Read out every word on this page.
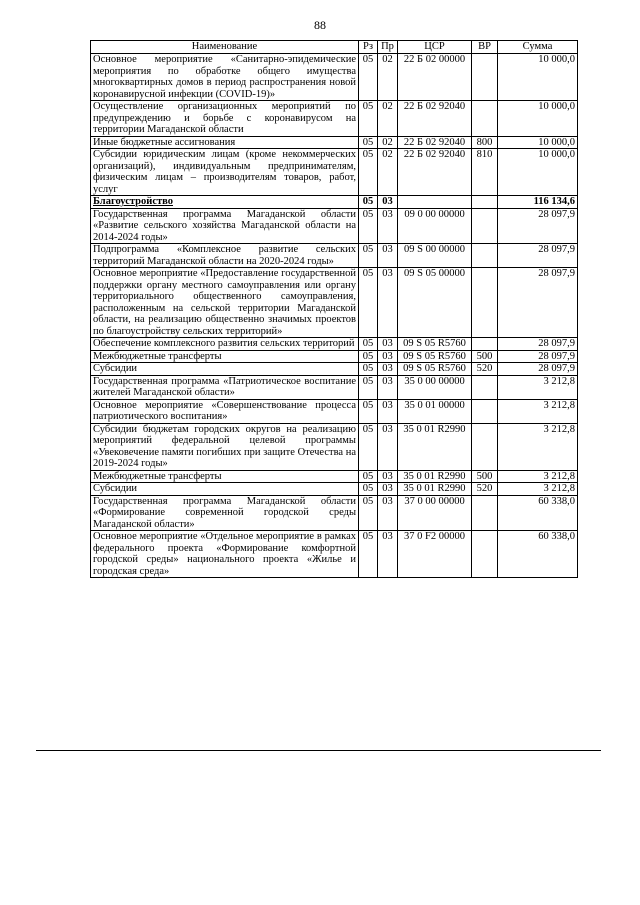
88
Наименование	Рз	Пр	ЦСР	ВР	Сумма
Основное мероприятие «Санитарно-эпидемические мероприятия по обработке общего имущества многоквартирных домов в период распространения новой коронавирусной инфекции (COVID-19)»	05	02	22 Б 02 00000		10 000,0
Осуществление организационных мероприятий по предупреждению и борьбе с коронавирусом на территории Магаданской области	05	02	22 Б 02 92040		10 000,0
Иные бюджетные ассигнования	05	02	22 Б 02 92040	800	10 000,0
Субсидии юридическим лицам (кроме некоммерческих организаций), индивидуальным предпринимателям, физическим лицам – производителям товаров, работ, услуг	05	02	22 Б 02 92040	810	10 000,0
Благоустройство	05	03			116 134,6
Государственная программа Магаданской области «Развитие сельского хозяйства Магаданской области на 2014-2024 годы»	05	03	09 0 00 00000		28 097,9
Подпрограмма «Комплексное развитие сельских территорий Магаданской области на 2020-2024 годы»	05	03	09 S 00 00000		28 097,9
Основное мероприятие «Предоставление государственной поддержки органу местного самоуправления или органу территориального общественного самоуправления, расположенным на сельской территории Магаданской области, на реализацию общественно значимых проектов по благоустройству сельских территорий»	05	03	09 S 05 00000		28 097,9
Обеспечение комплексного развития сельских территорий	05	03	09 S 05 R5760		28 097,9
Межбюджетные трансферты	05	03	09 S 05 R5760	500	28 097,9
Субсидии	05	03	09 S 05 R5760	520	28 097,9
Государственная программа «Патриотическое воспитание жителей Магаданской области»	05	03	35 0 00 00000		3 212,8
Основное мероприятие «Совершенствование процесса патриотического воспитания»	05	03	35 0 01 00000		3 212,8
Субсидии бюджетам городских округов на реализацию мероприятий федеральной целевой программы «Увековечение памяти погибших при защите Отечества на 2019-2024 годы»	05	03	35 0 01 R2990		3 212,8
Межбюджетные трансферты	05	03	35 0 01 R2990	500	3 212,8
Субсидии	05	03	35 0 01 R2990	520	3 212,8
Государственная программа Магаданской области «Формирование современной городской среды Магаданской области»	05	03	37 0 00 00000		60 338,0
Основное мероприятие «Отдельное мероприятие в рамках федерального проекта «Формирование комфортной городской среды» национального проекта «Жилье и городская среда»	05	03	37 0 F2 00000		60 338,0
